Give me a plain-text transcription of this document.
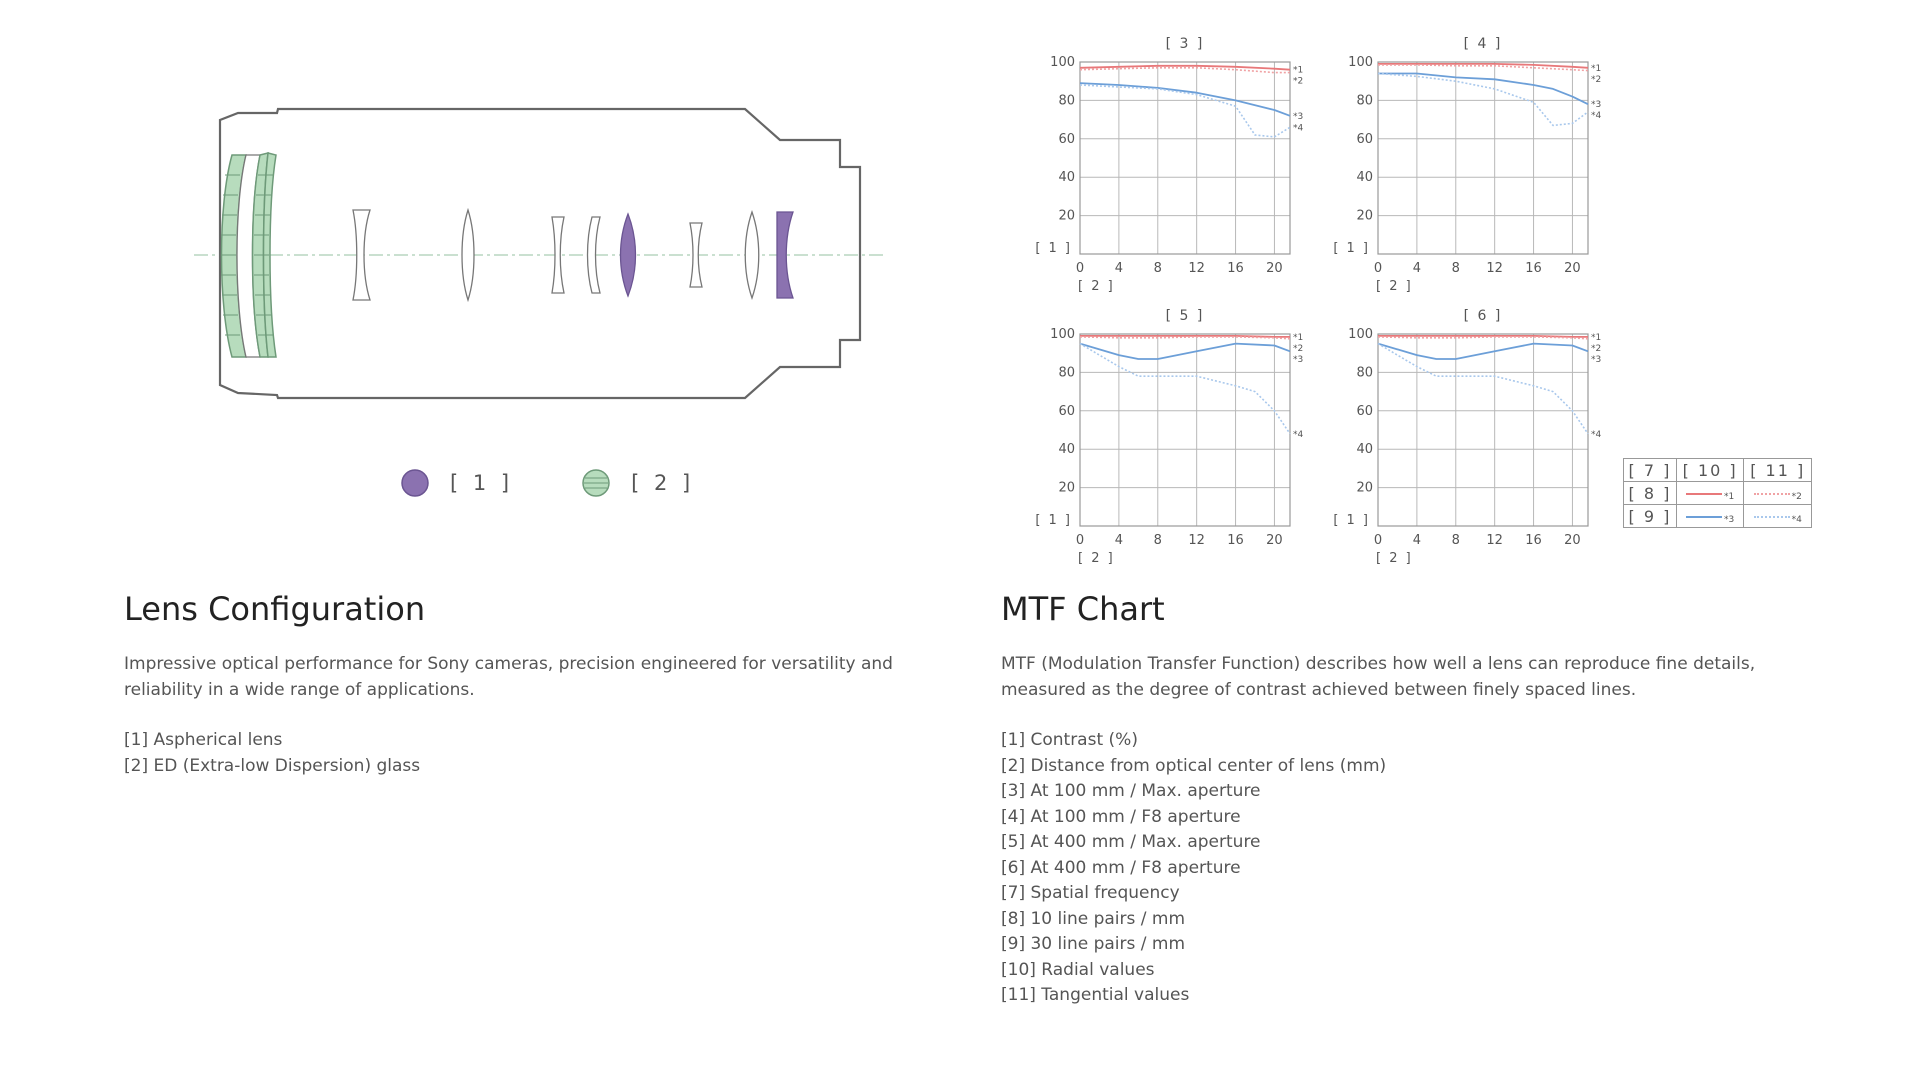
[ 1 ]	[ 2 ]
[ 3 ]
20
40
60
80
100
0 4 8 12 16 20
[ 1 ]
[ 2 ]
*1
*2
*3
*4
[ 4 ]
20
40
60
80
100
0 4 8 12 16 20
[ 1 ]
[ 2 ]
*1
*2
*3
*4
[ 5 ]
20
40
60
80
100
0 4 8 12 16 20
[ 1 ]
[ 2 ]
*1
*2
*3
*4
[ 6 ]
20
40
60
80
100
0 4 8 12 16 20
[ 1 ]
[ 2 ]
*1
*2
*3
*4
[ 7 ]	[ 10 ]	[ 11 ]
[ 8 ]	*1	*2
[ 9 ]	*3	*4
Lens Configuration

Impressive optical performance for Sony cameras, precision engineered for versatility and reliability in a wide range of applications.

[1] Aspherical lens
[2] ED (Extra-low Dispersion) glass
MTF Chart

MTF (Modulation Transfer Function) describes how well a lens can reproduce fine details, measured as the degree of contrast achieved between finely spaced lines.

[1] Contrast (%)
[2] Distance from optical center of lens (mm)
[3] At 100 mm / Max. aperture
[4] At 100 mm / F8 aperture
[5] At 400 mm / Max. aperture
[6] At 400 mm / F8 aperture
[7] Spatial frequency
[8] 10 line pairs / mm
[9] 30 line pairs / mm
[10] Radial values
[11] Tangential values
